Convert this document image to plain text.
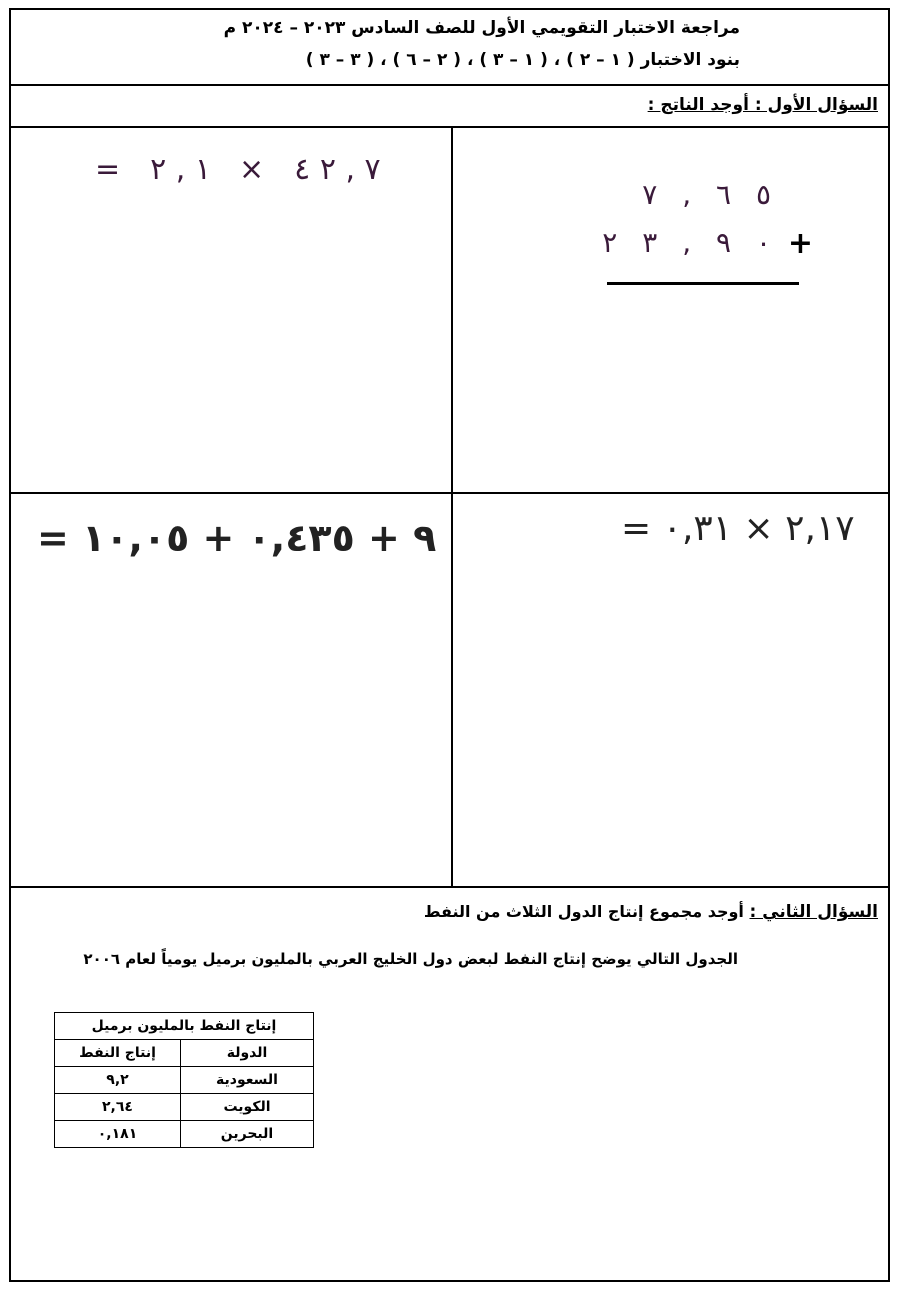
مراجعة الاختبار التقويمي الأول للصف السادس ٢٠٢٣ – ٢٠٢٤ م
بنود الاختبار ( ١ – ٢ ) ، ( ١ – ٣ ) ، ( ٢ – ٦ ) ، ( ٣ – ٣ )
السؤال الأول : أوجد الناتج :
= ١ , ٢ × ٧ , ٢ ٤
٥ ٦ , ٧
٠ ٩ , ٣ ٢ +
٩ + ٠,٤٣٥ + ١٠,٠٥ =	٢,١٧ × ٠,٣١ =
السؤال الثاني : أوجد مجموع إنتاج الدول الثلاث من النفط
الجدول التالي يوضح إنتاج النفط لبعض دول الخليج العربي بالمليون برميل يومياً لعام ٢٠٠٦
إنتاج النفط بالمليون برميل	
الدولة	إنتاج النفط
السعودية	٩,٢
الكويت	٢,٦٤
البحرين	٠,١٨١
